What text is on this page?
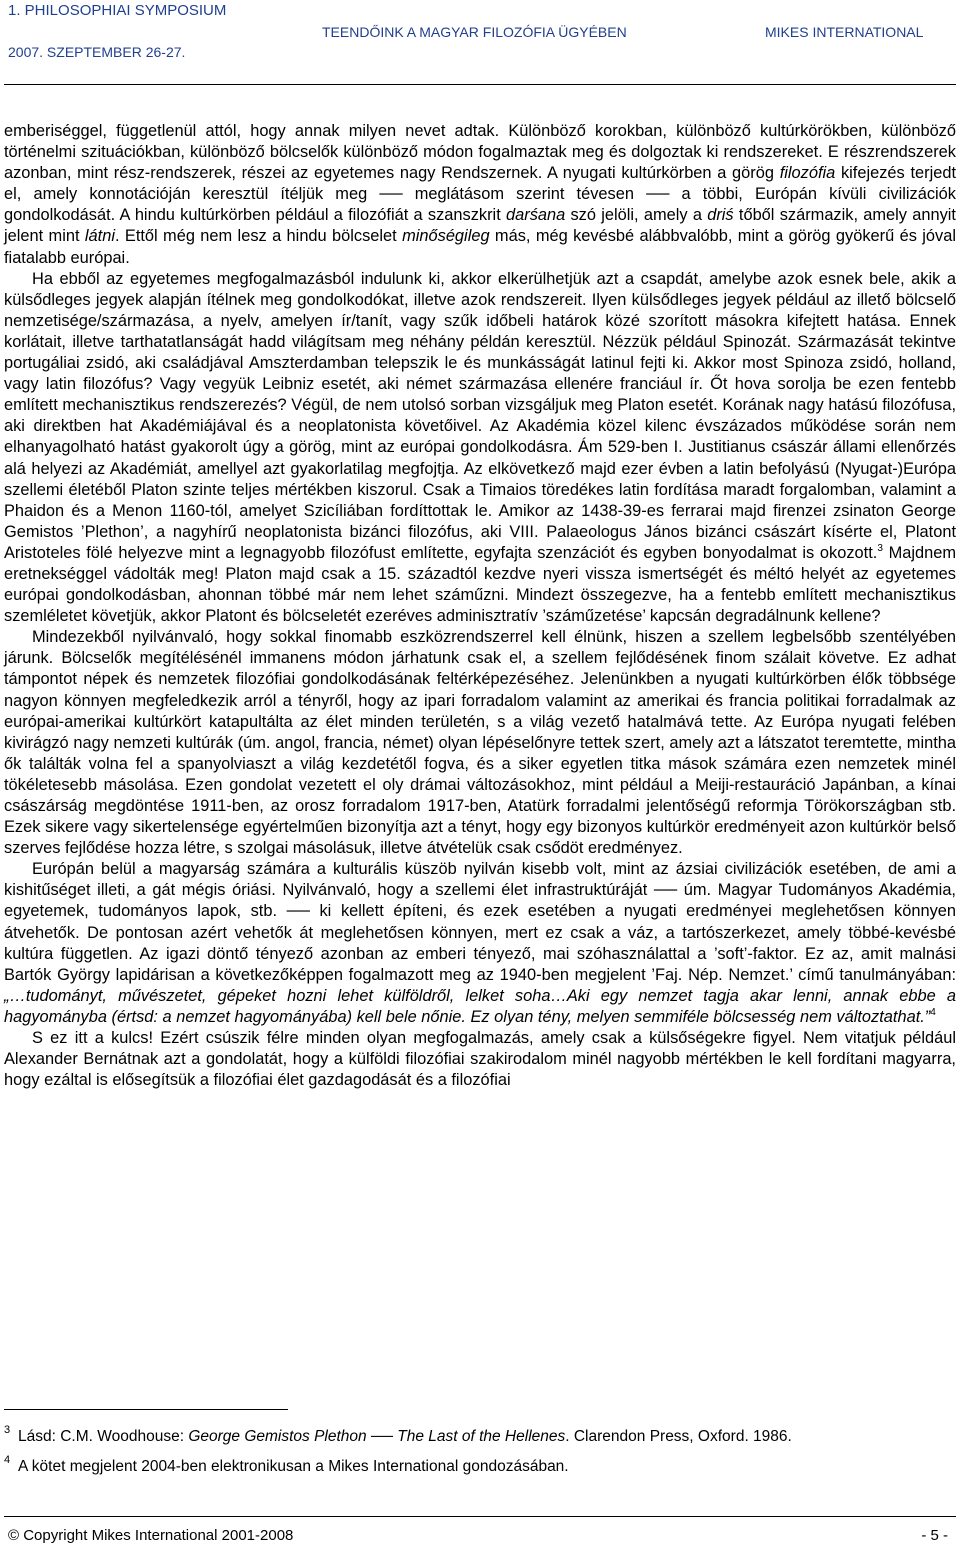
1. PHILOSOPHIAI SYMPOSIUM
2007. SZEPTEMBER 26-27.
TEENDŐINK A MAGYAR FILOZÓFIA ÜGYÉBEN	MIKES INTERNATIONAL

emberiséggel, függetlenül attól, hogy annak milyen nevet adtak. Különböző korokban, különböző kultúrkörökben, különböző történelmi szituációkban, különböző bölcselők különböző módon fogalmaztak meg és dolgoztak ki rendszereket. E részrendszerek azonban, mint rész-rendszerek, részei az egyetemes nagy Rendszernek. A nyugati kultúrkörben a görög filozófia kifejezés terjedt el, amely konnotációján keresztül ítéljük meg ── meglátásom szerint tévesen ── a többi, Európán kívüli civilizációk gondolkodását. A hindu kultúrkörben például a filozófiát a szanszkrit darśana szó jelöli, amely a driś tőből származik, amely annyit jelent mint látni. Ettől még nem lesz a hindu bölcselet minőségileg más, még kevésbé alábbvalóbb, mint a görög gyökerű és jóval fiatalabb európai.

Ha ebből az egyetemes megfogalmazásból indulunk ki, akkor elkerülhetjük azt a csapdát, amelybe azok esnek bele, akik a külsődleges jegyek alapján ítélnek meg gondolkodókat, illetve azok rendszereit. Ilyen külsődleges jegyek például az illető bölcselő nemzetisége/származása, a nyelv, amelyen ír/tanít, vagy szűk időbeli határok közé szorított másokra kifejtett hatása. Ennek korlátait, illetve tarthatatlanságát hadd világítsam meg néhány példán keresztül. Nézzük például Spinozát. Származását tekintve portugáliai zsidó, aki családjával Amszterdamban telepszik le és munkásságát latinul fejti ki. Akkor most Spinoza zsidó, holland, vagy latin filozófus? Vagy vegyük Leibniz esetét, aki német származása ellenére franciául ír. Őt hova sorolja be ezen fentebb említett mechanisztikus rendszerezés? Végül, de nem utolsó sorban vizsgáljuk meg Platon esetét. Korának nagy hatású filozófusa, aki direktben hat Akadémiájával és a neoplatonista követőivel. Az Akadémia közel kilenc évszázados működése során nem elhanyagolható hatást gyakorolt úgy a görög, mint az európai gondolkodásra. Ám 529-ben I. Justitianus császár állami ellenőrzés alá helyezi az Akadémiát, amellyel azt gyakorlatilag megfojtja. Az elkövetkező majd ezer évben a latin befolyású (Nyugat-)Európa szellemi életéből Platon szinte teljes mértékben kiszorul. Csak a Timaios töredékes latin fordítása maradt forgalomban, valamint a Phaidon és a Menon 1160-tól, amelyet Szicíliában fordíttottak le. Amikor az 1438-39-es ferrarai majd firenzei zsinaton George Gemistos ’Plethon’, a nagyhírű neoplatonista bizánci filozófus, aki VIII. Palaeologus János bizánci császárt kísérte el, Platont Aristoteles fölé helyezve mint a legnagyobb filozófust említette, egyfajta szenzációt és egyben bonyodalmat is okozott.$^3$ Majdnem eretnekséggel vádolták meg! Platon majd csak a 15. századtól kezdve nyeri vissza ismertségét és méltó helyét az egyetemes európai gondolkodásban, ahonnan többé már nem lehet száműzni. Mindezt összegezve, ha a fentebb említett mechanisztikus szemléletet követjük, akkor Platont és bölcseletét ezeréves adminisztratív ’száműzetése’ kapcsán degradálnunk kellene?

Mindezekből nyilvánvaló, hogy sokkal finomabb eszközrendszerrel kell élnünk, hiszen a szellem legbelsőbb szentélyében járunk. Bölcselők megítélésénél immanens módon járhatunk csak el, a szellem fejlődésének finom szálait követve. Ez adhat támpontot népek és nemzetek filozófiai gondolkodásának feltérképezéséhez. Jelenünkben a nyugati kultúrkörben élők többsége nagyon könnyen megfeledkezik arról a tényről, hogy az ipari forradalom valamint az amerikai és francia politikai forradalmak az európai-amerikai kultúrkört katapultálta az élet minden területén, s a világ vezető hatalmává tette. Az Európa nyugati felében kivirágzó nagy nemzeti kultúrák (úm. angol, francia, német) olyan lépéselőnyre tettek szert, amely azt a látszatot teremtette, mintha ők találták volna fel a spanyolviaszt a világ kezdetétől fogva, és a siker egyetlen titka mások számára ezen nemzetek minél tökéletesebb másolása. Ezen gondolat vezetett el oly drámai változásokhoz, mint például a Meiji-restauráció Japánban, a kínai császárság megdöntése 1911-ben, az orosz forradalom 1917-ben, Atatürk forradalmi jelentőségű reformja Törökországban stb. Ezek sikere vagy sikertelensége egyértelműen bizonyítja azt a tényt, hogy egy bizonyos kultúrkör eredményeit azon kultúrkör belső szerves fejlődése hozza létre, s szolgai másolásuk, illetve átvételük csak csődöt eredményez.

Európán belül a magyarság számára a kulturális küszöb nyilván kisebb volt, mint az ázsiai civilizációk esetében, de ami a kishitűséget illeti, a gát mégis óriási. Nyilvánvaló, hogy a szellemi élet infrastruktúráját ── úm. Magyar Tudományos Akadémia, egyetemek, tudományos lapok, stb. ── ki kellett építeni, és ezek esetében a nyugati eredményei meglehetősen könnyen átvehetők. De pontosan azért vehetők át meglehetősen könnyen, mert ez csak a váz, a tartószerkezet, amely többé-kevésbé kultúra független. Az igazi döntő tényező azonban az emberi tényező, mai szóhasználattal a ’soft’-faktor. Ez az, amit malnási Bartók György lapidárisan a következőképpen fogalmazott meg az 1940-ben megjelent ’Faj. Nép. Nemzet.’ című tanulmányában: „…tudományt, művészetet, gépeket hozni lehet külföldről, lelket soha…Aki egy nemzet tagja akar lenni, annak ebbe a hagyományba (értsd: a nemzet hagyományába) kell bele nőnie. Ez olyan tény, melyen semmiféle bölcsesség nem változtathat.”$^4$

S ez itt a kulcs! Ezért csúszik félre minden olyan megfogalmazás, amely csak a külsőségekre figyel. Nem vitatjuk például Alexander Bernátnak azt a gondolatát, hogy a külföldi filozófiai szakirodalom minél nagyobb mértékben le kell fordítani magyarra, hogy ezáltal is elősegítsük a filozófiai élet gazdagodását és a filozófiai

3 Lásd: C.M. Woodhouse: George Gemistos Plethon ── The Last of the Hellenes. Clarendon Press, Oxford. 1986.
4 A kötet megjelent 2004-ben elektronikusan a Mikes International gondozásában.
© Copyright Mikes International 2001-2008	- 5 -
